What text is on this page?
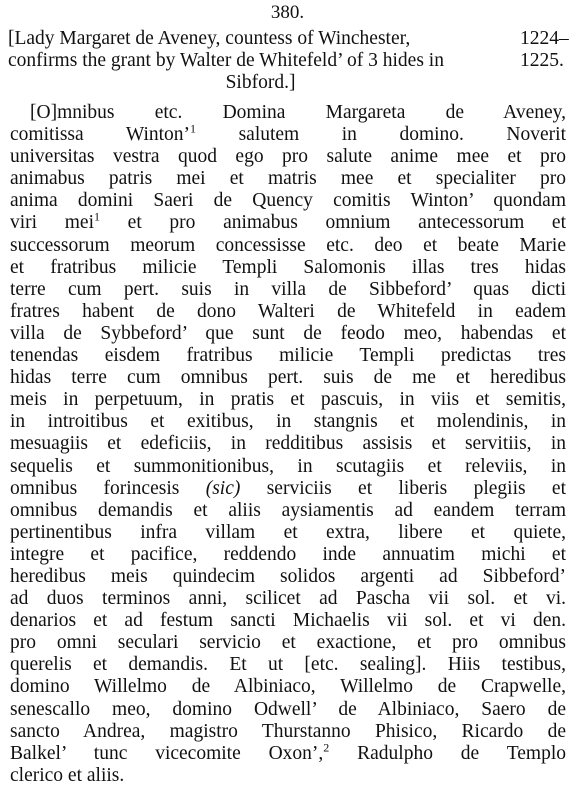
380.
[Lady Margaret de Aveney, countess of Winchester,
confirms the grant by Walter de Whitefeld’ of 3 hides in
Sibford.]
1224–
1225.
[O]mnibus etc. Domina Margareta de Aveney,
comitissa Winton’$^1$ salutem in domino. Noverit
universitas vestra quod ego pro salute anime mee et pro
animabus patris mei et matris mee et specialiter pro
anima domini Saeri de Quency comitis Winton’ quondam
viri mei$^1$ et pro animabus omnium antecessorum et
successorum meorum concessisse etc. deo et beate Marie
et fratribus milicie Templi Salomonis illas tres hidas
terre cum pert. suis in villa de Sibbeford’ quas dicti
fratres habent de dono Walteri de Whitefeld in eadem
villa de Sybbeford’ que sunt de feodo meo, habendas et
tenendas eisdem fratribus milicie Templi predictas tres
hidas terre cum omnibus pert. suis de me et heredibus
meis in perpetuum, in pratis et pascuis, in viis et semitis,
in introitibus et exitibus, in stangnis et molendinis, in
mesuagiis et edeficiis, in redditibus assisis et servitiis, in
sequelis et summonitionibus, in scutagiis et releviis, in
omnibus forincesis (sic) serviciis et liberis plegiis et
omnibus demandis et aliis aysiamentis ad eandem terram
pertinentibus infra villam et extra, libere et quiete,
integre et pacifice, reddendo inde annuatim michi et
heredibus meis quindecim solidos argenti ad Sibbeford’
ad duos terminos anni, scilicet ad Pascha vii sol. et vi.
denarios et ad festum sancti Michaelis vii sol. et vi den.
pro omni seculari servicio et exactione, et pro omnibus
querelis et demandis. Et ut [etc. sealing]. Hiis testibus,
domino Willelmo de Albiniaco, Willelmo de Crapwelle,
senescallo meo, domino Odwell’ de Albiniaco, Saero de
sancto Andrea, magistro Thurstanno Phisico, Ricardo de
Balkel’ tunc vicecomite Oxon’,$^2$ Radulpho de Templo
clerico et aliis.
